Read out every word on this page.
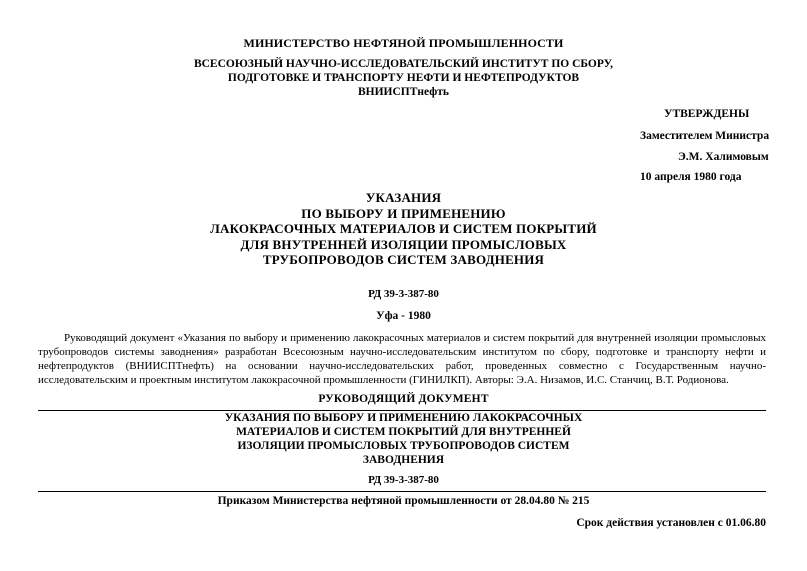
МИНИСТЕРСТВО НЕФТЯНОЙ ПРОМЫШЛЕННОСТИ
ВСЕСОЮЗНЫЙ НАУЧНО-ИССЛЕДОВАТЕЛЬСКИЙ ИНСТИТУТ ПО СБОРУ,
ПОДГОТОВКЕ И ТРАНСПОРТУ НЕФТИ И НЕФТЕПРОДУКТОВ
ВНИИСПТнефть
УТВЕРЖДЕНЫ
Заместителем Министра
Э.М. Халимовым
10 апреля 1980 года
УКАЗАНИЯ
ПО ВЫБОРУ И ПРИМЕНЕНИЮ
ЛАКОКРАСОЧНЫХ МАТЕРИАЛОВ И СИСТЕМ ПОКРЫТИЙ
ДЛЯ ВНУТРЕННЕЙ ИЗОЛЯЦИИ ПРОМЫСЛОВЫХ
ТРУБОПРОВОДОВ СИСТЕМ ЗАВОДНЕНИЯ
РД 39-3-387-80
Уфа - 1980
Руководящий документ «Указания по выбору и применению лакокрасочных материалов и систем покрытий для внутренней изоляции промысловых трубопроводов системы заводнения» разработан Всесоюзным научно-исследовательским институтом по сбору, подготовке и транспорту нефти и нефтепродуктов (ВНИИСПТнефть) на основании научно-исследовательских работ, проведенных совместно с Государственным научно-исследовательским и проектным институтом лакокрасочной промышленности (ГИНИЛКП). Авторы: Э.А. Низамов, И.С. Станчиц, В.Т. Родионова.
РУКОВОДЯЩИЙ ДОКУМЕНТ
УКАЗАНИЯ ПО ВЫБОРУ И ПРИМЕНЕНИЮ ЛАКОКРАСОЧНЫХ
МАТЕРИАЛОВ И СИСТЕМ ПОКРЫТИЙ ДЛЯ ВНУТРЕННЕЙ
ИЗОЛЯЦИИ ПРОМЫСЛОВЫХ ТРУБОПРОВОДОВ СИСТЕМ
ЗАВОДНЕНИЯ
РД 39-3-387-80
Приказом Министерства нефтяной промышленности от 28.04.80 № 215
Срок действия установлен с 01.06.80
